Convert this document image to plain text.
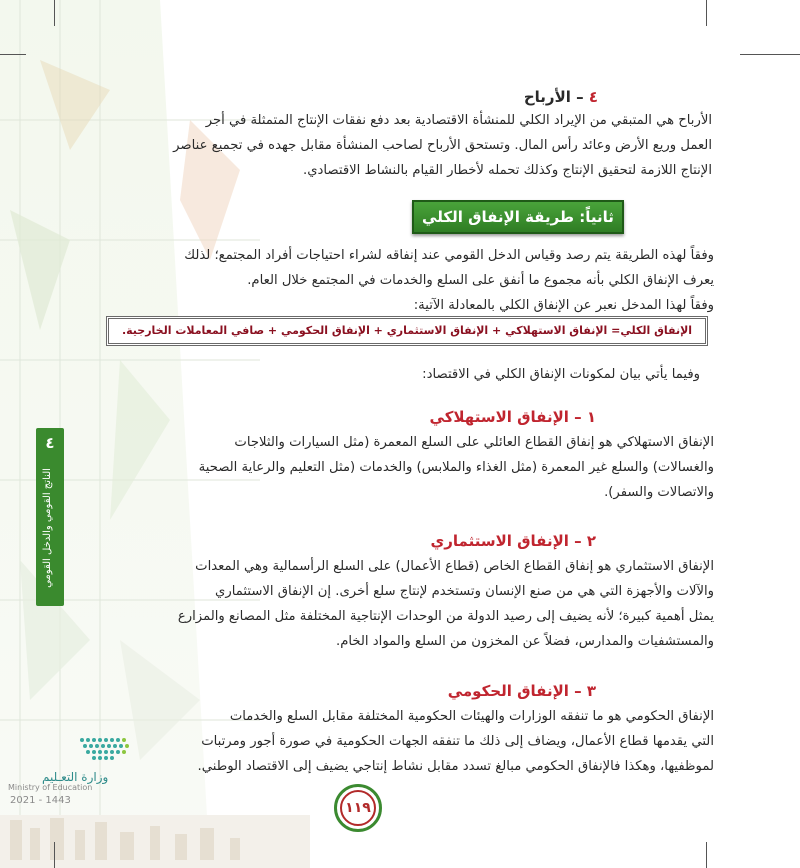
٤
الناتج القومي والدخل القومي
٤ – الأرباح
الأرباح هي المتبقي من الإيراد الكلي للمنشأة الاقتصادية بعد دفع نفقات الإنتاج المتمثلة في أجر
العمل وريع الأرض وعائد رأس المال. وتستحق الأرباح لصاحب المنشأة مقابل جهده في تجميع عناصر
الإنتاج اللازمة لتحقيق الإنتاج وكذلك تحمله لأخطار القيام بالنشاط الاقتصادي.
ثانياً: طريقة الإنفاق الكلي
وفقاً لهذه الطريقة يتم رصد وقياس الدخل القومي عند إنفاقه لشراء احتياجات أفراد المجتمع؛ لذلك
يعرف الإنفاق الكلي بأنه مجموع ما أنفق على السلع والخدمات في المجتمع خلال العام.
وفقاً لهذا المدخل نعبر عن الإنفاق الكلي بالمعادلة الآتية:
الإنفاق الكلي= الإنفاق الاستهلاكي + الإنفاق الاستثماري + الإنفاق الحكومي + صافي المعاملات الخارجية.
وفيما يأتي بيان لمكونات الإنفاق الكلي في الاقتصاد:
١ – الإنفاق الاستهلاكي
الإنفاق الاستهلاكي هو إنفاق القطاع العائلي على السلع المعمرة (مثل السيارات والثلاجات
والغسالات) والسلع غير المعمرة (مثل الغذاء والملابس) والخدمات (مثل التعليم والرعاية الصحية
والاتصالات والسفر).
٢ – الإنفاق الاستثماري
الإنفاق الاستثماري هو إنفاق القطاع الخاص (قطاع الأعمال) على السلع الرأسمالية وهي المعدات
والآلات والأجهزة التي هي من صنع الإنسان وتستخدم لإنتاج سلع أخرى. إن الإنفاق الاستثماري
يمثل أهمية كبيرة؛ لأنه يضيف إلى رصيد الدولة من الوحدات الإنتاجية المختلفة مثل المصانع والمزارع
والمستشفيات والمدارس، فضلاً عن المخزون من السلع والمواد الخام.
٣ – الإنفاق الحكومي
الإنفاق الحكومي هو ما تنفقه الوزارات والهيئات الحكومية المختلفة مقابل السلع والخدمات
التي يقدمها قطاع الأعمال، ويضاف إلى ذلك ما تنفقه الجهات الحكومية في صورة أجور ومرتبات
لموظفيها، وهكذا فالإنفاق الحكومي مبالغ تسدد مقابل نشاط إنتاجي يضيف إلى الاقتصاد الوطني.
وزارة التعـليم
Ministry of Education
2021 - 1443	١١٩
